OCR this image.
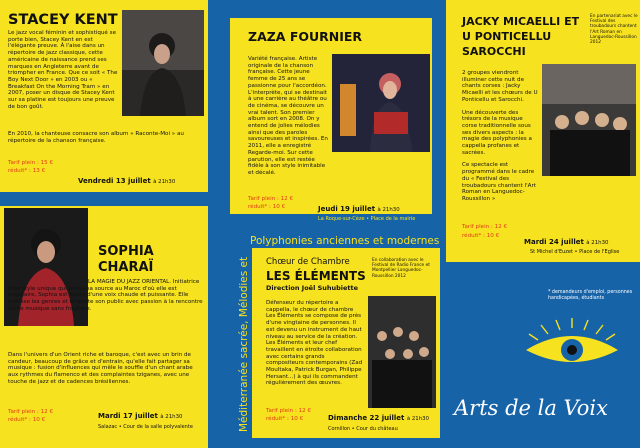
STACEY KENT

Le jazz vocal féminin et sophistiqué se porte bien, Stacey Kent en est l'élégante preuve. À l'aise dans un répertoire de jazz classique, cette américaine de naissance prend ses marques en Angleterre avant de triompher en France. Que ce soit « The Boy Next Door » en 2003 ou « Breakfast On the Morning Tram » en 2007, poser un disque de Stacey Kent sur sa platine est toujours une preuve de bon goût.

En 2010, la chanteuse consacre son album « Raconte-Moi » au répertoire de la chanson française.

Tarif plein : 15 €
réduit* : 13 €
Vendredi 13 juillet à 21h30
Saint Paulet-de-caisson • Place de l'Eglise
ZAZA FOURNIER

Variété française. Artiste originale de la chanson française. Cette jeune femme de 25 ans se passionne pour l'accordéon. L'interprète, qui se destinait à une carrière au théâtre ou de cinéma, se découvre un vrai talent. Son premier album sort en 2008. On y entend de jolies mélodies ainsi que des paroles savoureuses et inspirées. En 2011, elle a enregistré Regarde-moi. Sur cette parution, elle est restée fidèle à son style inimitable et décalé.

Tarif plein : 12 €
réduit* : 10 €	Jeudi 19 juillet à 21h30
La Roque-sur-Cèze • Place de la mairie
JACKY MICAELLI ET U PONTICELLU SAROCCHI
En partenariat avec le Festival des troubadours chantent l'Art Roman en Languedoc-Roussillon 2012

2 groupes viendront illuminer cette nuit de chants corses : Jacky Micaelli et les chœurs de U Ponticellu et Sarocchi.

Une découverte des trésors de la musique corse traditionnelle sous ses divers aspects : la magie des polyphonies a cappella profanes et sacrées.

Ce spectacle est programmé dans le cadre du « Festival des troubadours chantent l'Art Roman en Languedoc-Roussillon »

Tarif plein : 12 €
réduit* : 10 €
Mardi 24 juillet à 21h30
St Michel d'Euzet • Place de l'Eglise
SOPHIA CHARAÏ

LA MAGIE DU JAZZ ORIENTAL. Initiatrice d'un style unique qui prend sa source au Maroc d'où elle est originaire, Sophia est dotée d'une voix chaude et puissante. Elle métisse les genres et emporte son public avec passion à la rencontre d'une musique sans frontière.

Dans l'univers d'un Orient riche et baroque, c'est avec un brin de candeur, beaucoup de grâce et d'entrain, qu'elle fait partager sa musique : fusion d'influences qui mêle le souffle d'un chant arabe aux rythmes du flamenco et des complaintes tziganes, avec une touche de jazz et de cadences brésiliennes.

Tarif plein : 12 €
réduit* : 10 €	Mardi 17 juillet à 21h30
Salazac • Cour de la salle polyvalente	Méditerranée sacrée, Mélodies et
Polyphonies anciennes et modernes
Chœur de Chambre
LES ÉLÉMENTS
Direction Joël Suhubiette
En collaboration avec le Festival de Radio France et Montpellier Languedoc-Roussillon 2012

Défenseur du répertoire a cappella, le chœur de chambre Les Éléments se compose de près d'une vingtaine de personnes. Il est devenu un instrument de haut niveau au service de la création. Les Éléments et leur chef travaillent en étroite collaboration avec certains grands compositeurs contemporains (Zad Moultaka, Patrick Burgan, Philippe Hersant...) à qui ils commandent régulièrement des œuvres.

Tarif plein : 12 €
réduit* : 10 €	Dimanche 22 juillet à 21h30
Cornillon • Cour du château
* demandeurs d'emploi, personnes handicapées, étudiants
Arts de la Voix
